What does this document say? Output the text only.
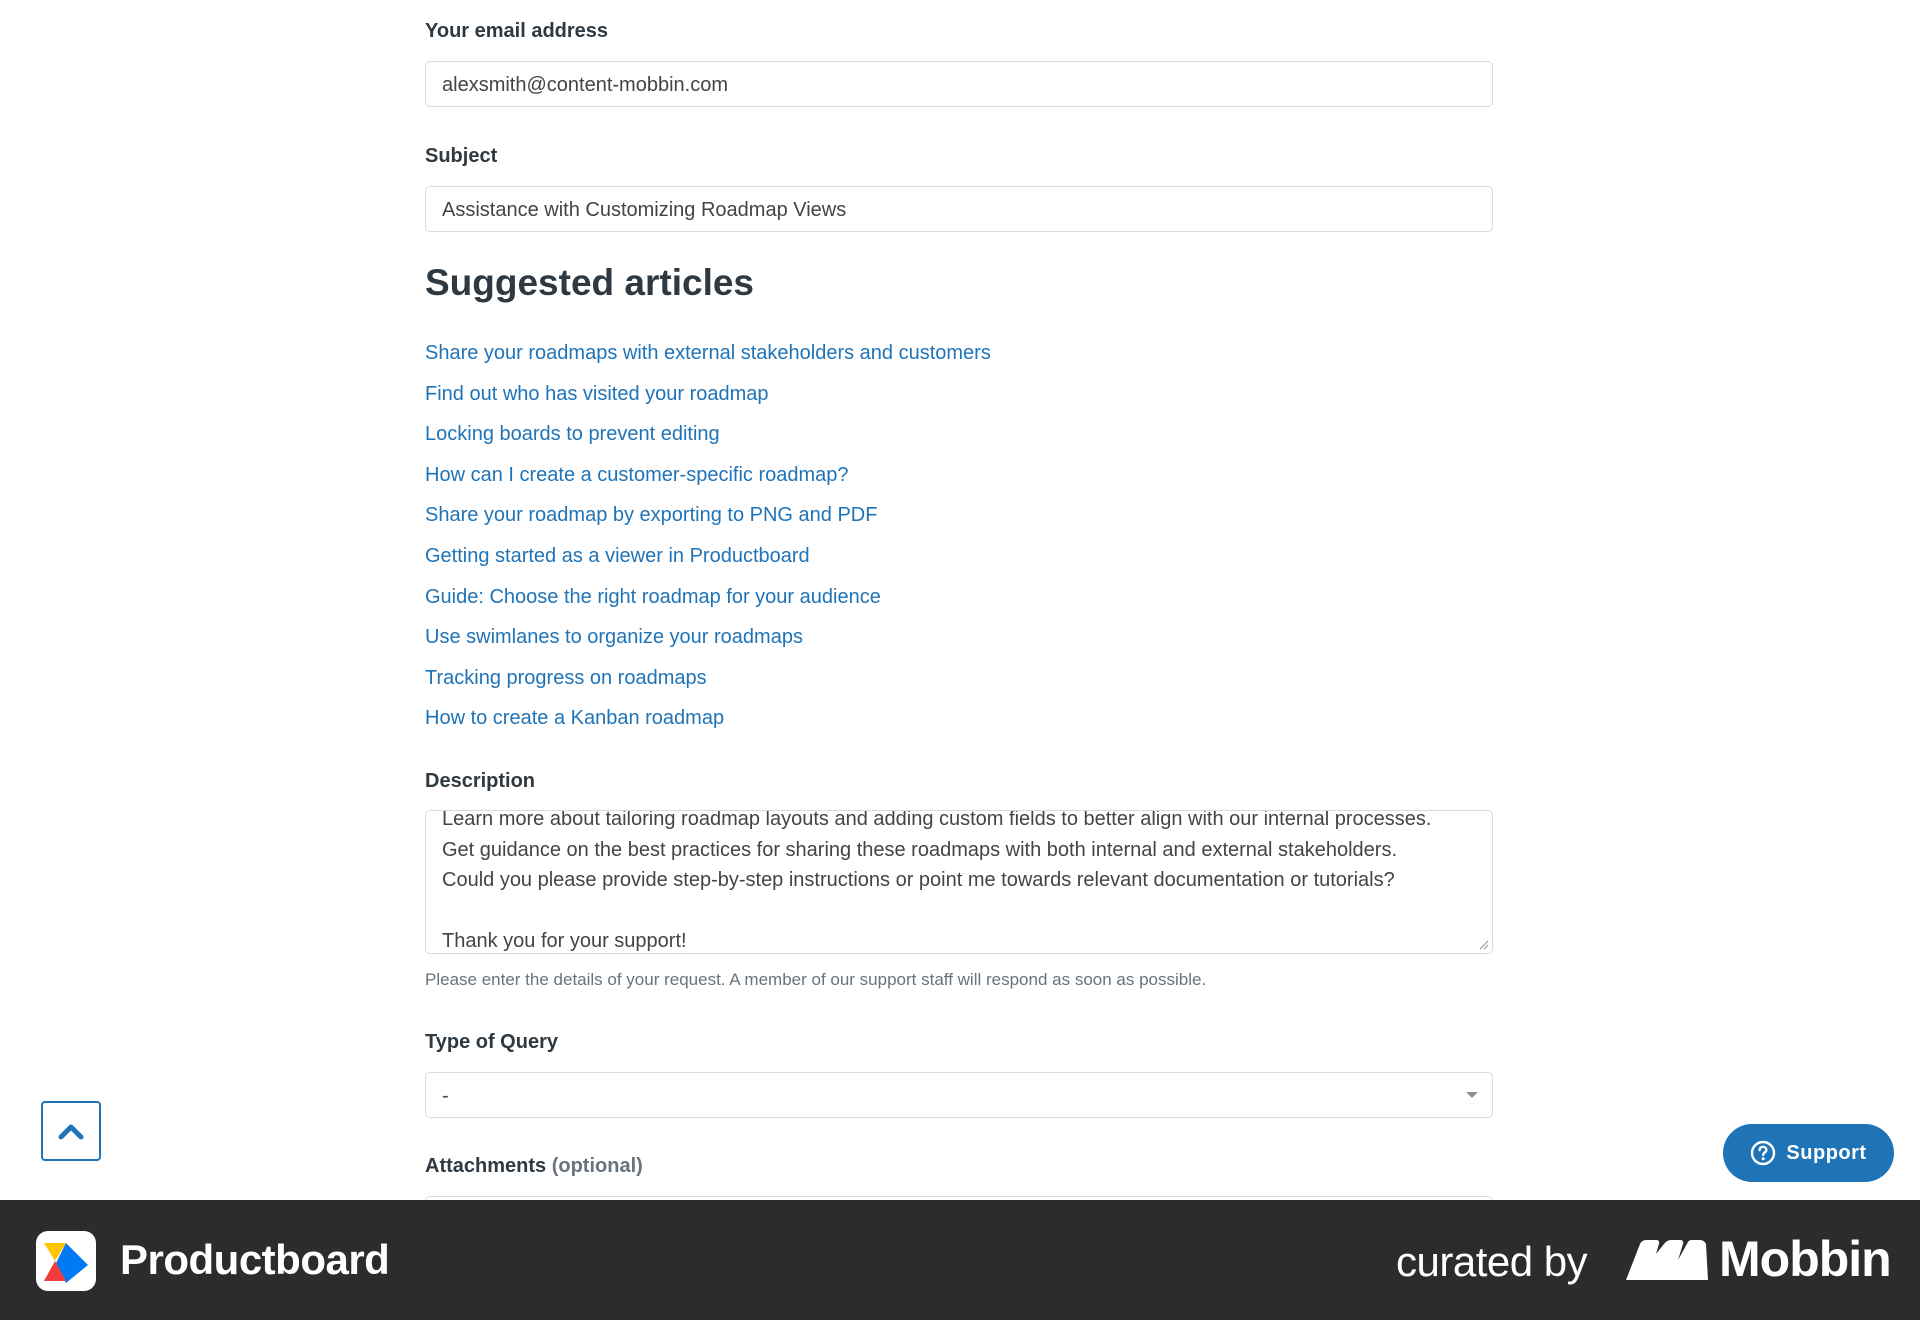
Your email address
alexsmith@content-mobbin.com
Subject
Assistance with Customizing Roadmap Views
Suggested articles
Share your roadmaps with external stakeholders and customers
Find out who has visited your roadmap
Locking boards to prevent editing
How can I create a customer-specific roadmap?
Share your roadmap by exporting to PNG and PDF
Getting started as a viewer in Productboard
Guide: Choose the right roadmap for your audience
Use swimlanes to organize your roadmaps
Tracking progress on roadmaps
How to create a Kanban roadmap
Description
Learn more about tailoring roadmap layouts and adding custom fields to better align with our internal processes.
Get guidance on the best practices for sharing these roadmaps with both internal and external stakeholders.
Could you please provide step-by-step instructions or point me towards relevant documentation or tutorials?
Thank you for your support!
Please enter the details of your request. A member of our support staff will respond as soon as possible.
Type of Query
-
Attachments (optional)
Support
Productboard	curated by	Mobbin
